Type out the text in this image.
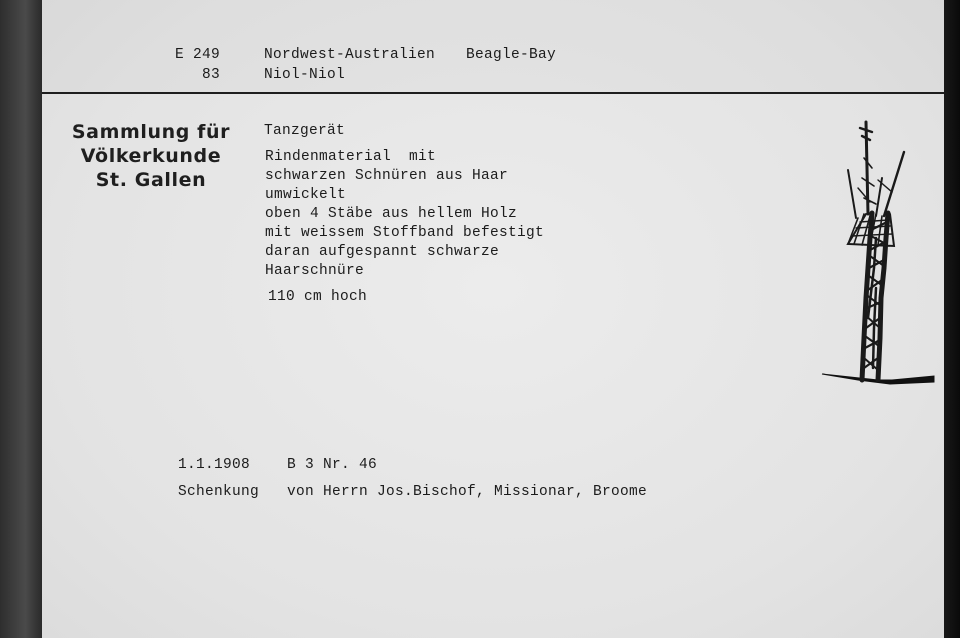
E 249
83
Nordwest-Australien Beagle-Bay
Niol-Niol
Sammlung für
Völkerkunde
St. Gallen
Tanzgerät
Rindenmaterial  mit
schwarzen Schnüren aus Haar
umwickelt
oben 4 Stäbe aus hellem Holz
mit weissem Stoffband befestigt
daran aufgespannt schwarze
Haarschnüre
110 cm hoch
1.1.1908	B 3 Nr. 46
Schenkung von Herrn Jos.Bischof, Missionar, Broome
